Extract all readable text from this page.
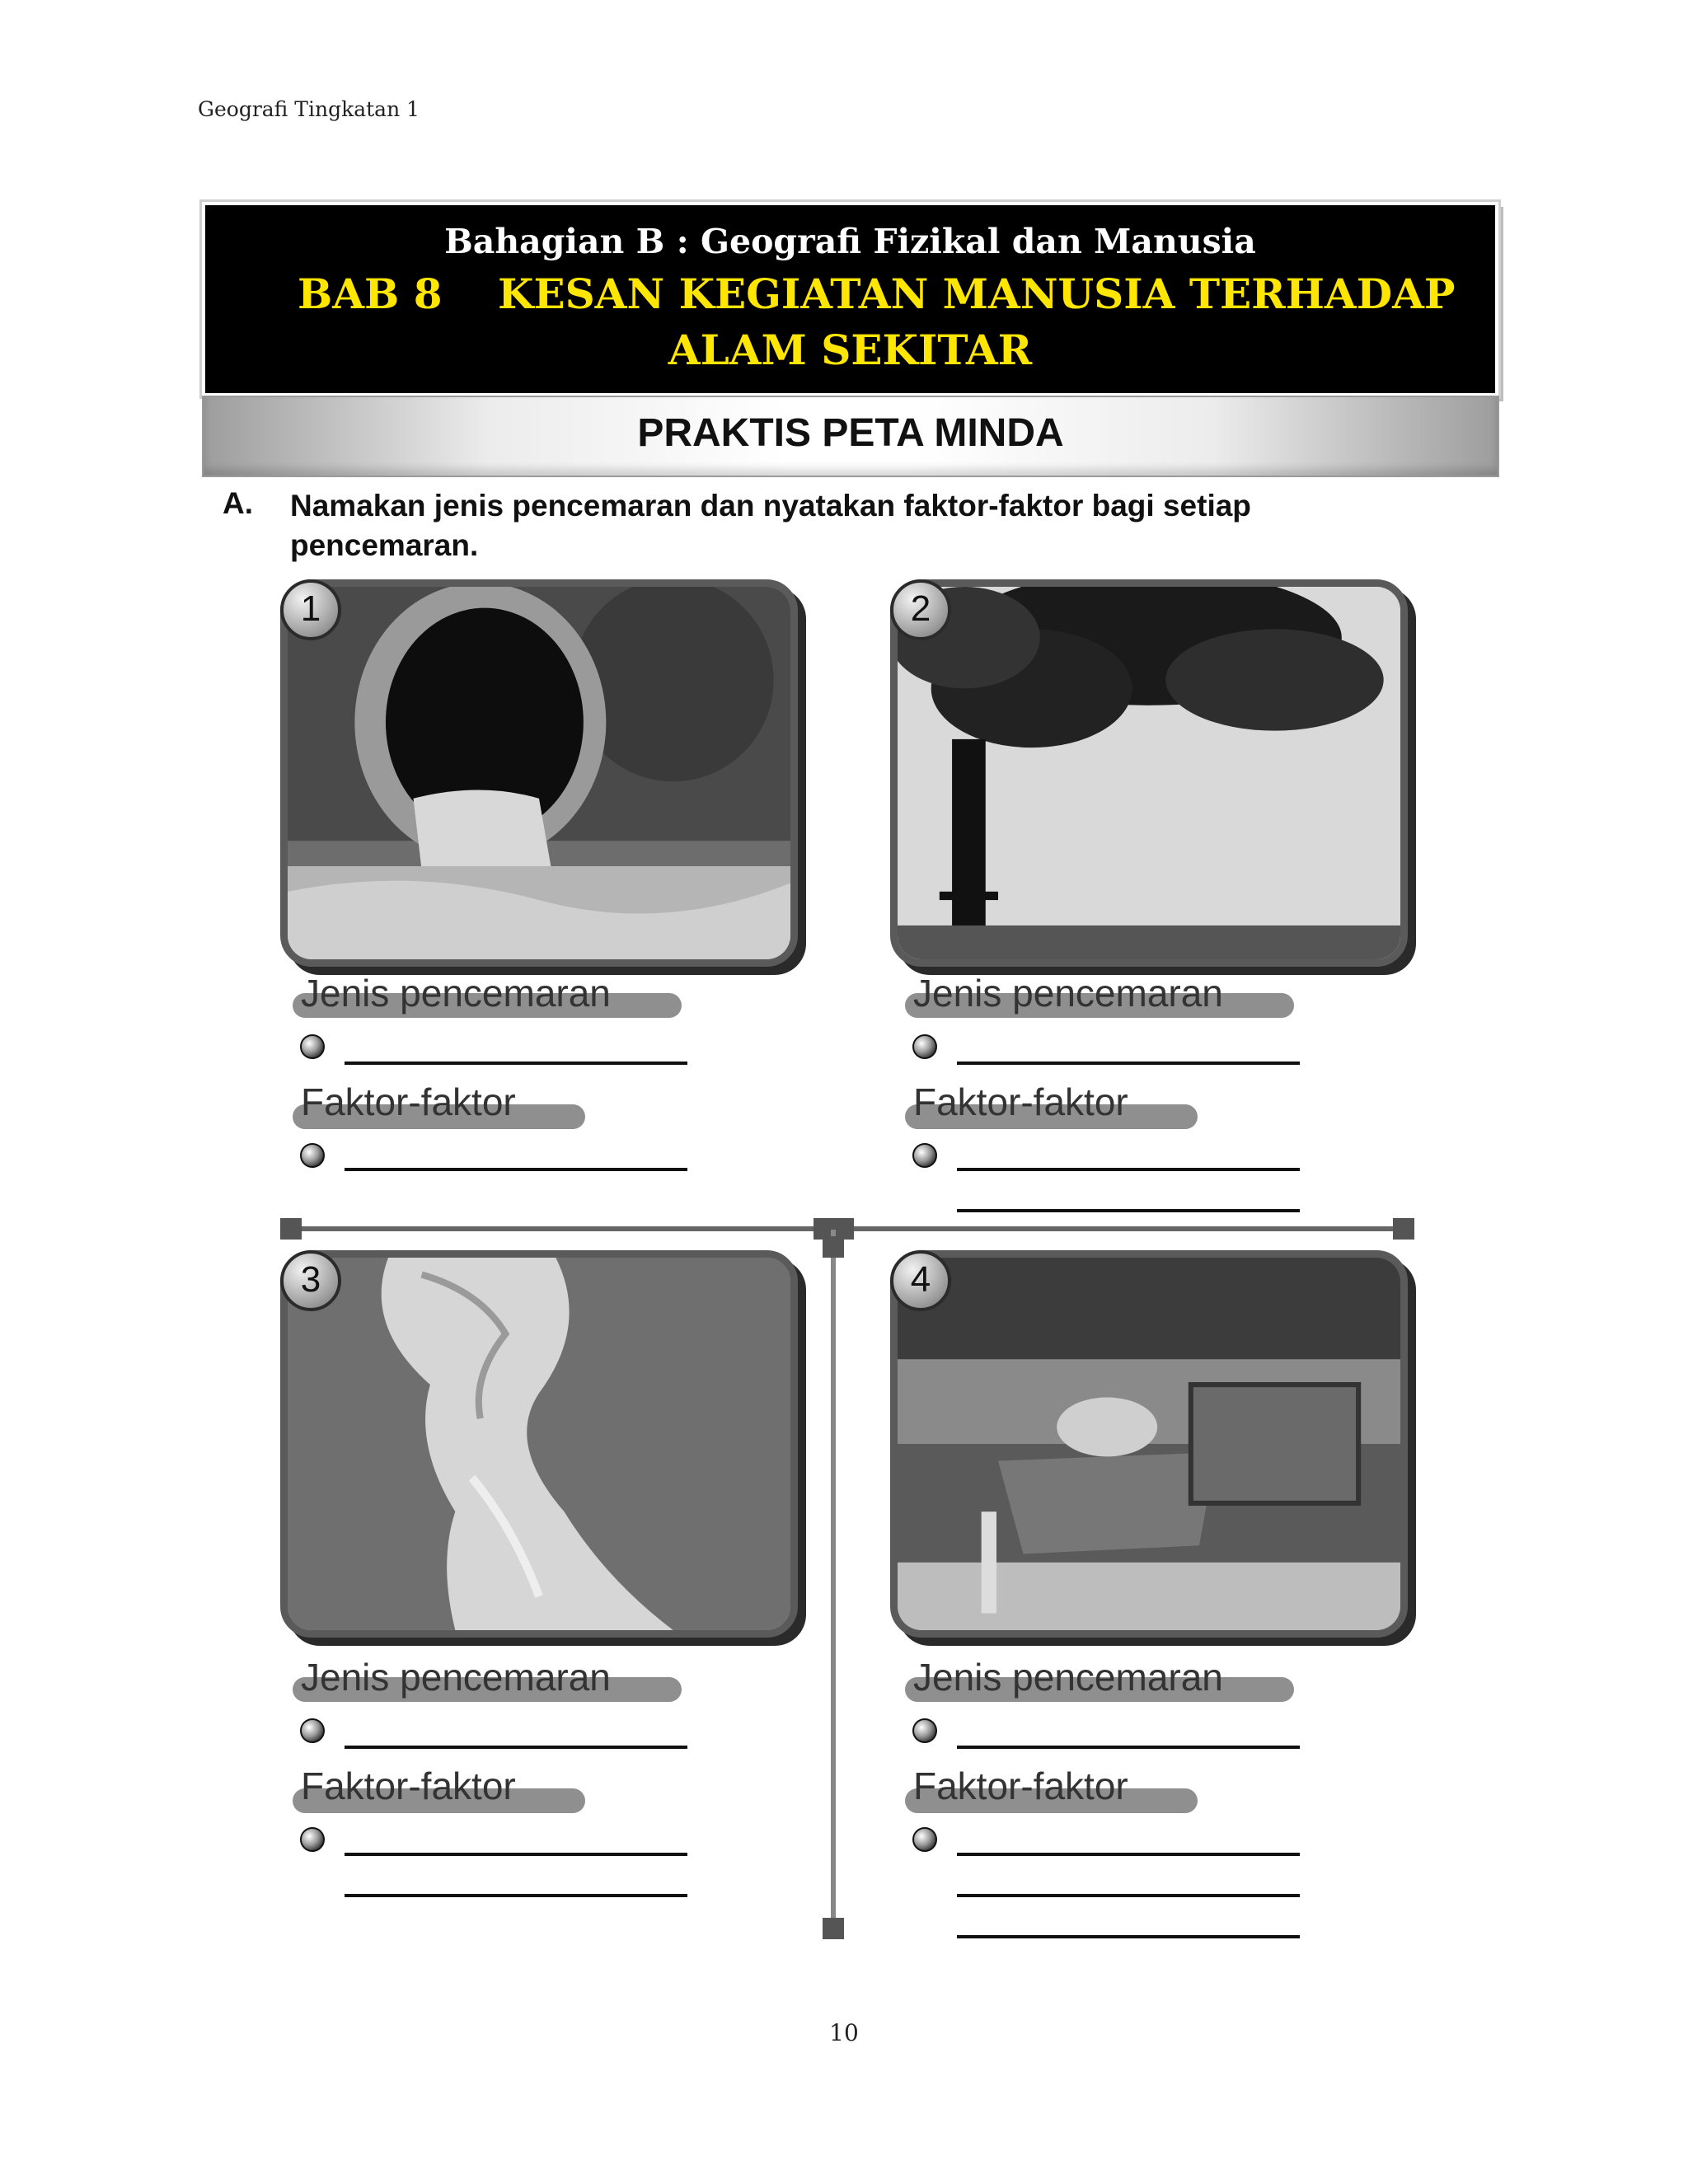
Geografi Tingkatan 1
Bahagian B : Geografi Fizikal dan Manusia
BAB 8 KESAN KEGIATAN MANUSIA TERHADAP
ALAM SEKITAR
PRAKTIS PETA MINDA
A. Namakan jenis pencemaran dan nyatakan faktor-faktor bagi setiap pencemaran.
1	2
3	4
Jenis pencemaran
Faktor-faktor
Jenis pencemaran
Faktor-faktor
Jenis pencemaran
Faktor-faktor
Jenis pencemaran
Faktor-faktor
10
